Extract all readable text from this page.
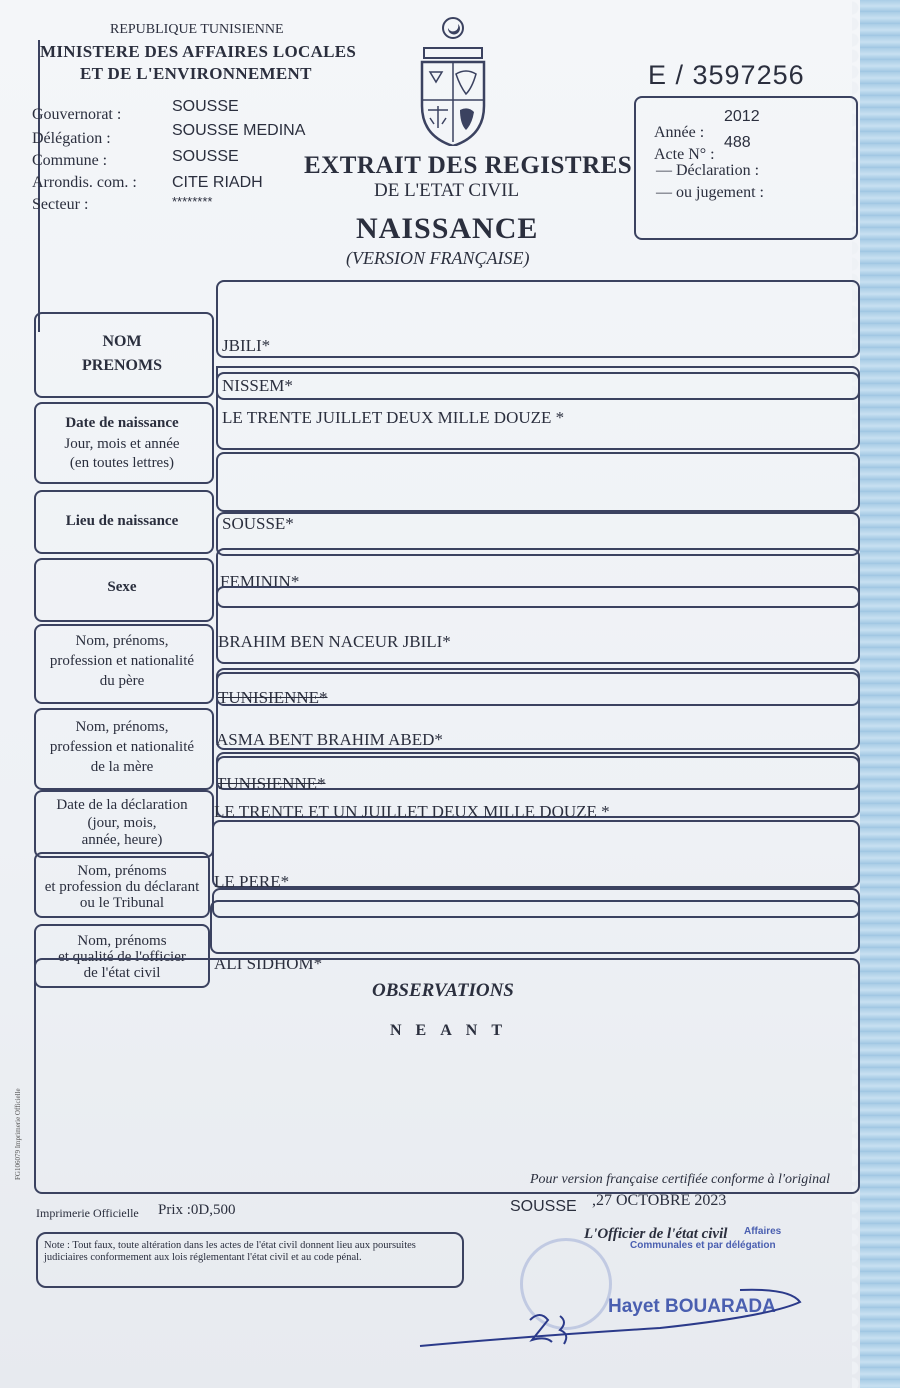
REPUBLIQUE TUNISIENNE
MINISTERE DES AFFAIRES LOCALES
ET DE L'ENVIRONNEMENT	E / 3597256
Gouvernorat :	SOUSSE
Délégation :	SOUSSE MEDINA
Commune :	SOUSSE
Arrondis. com. : CITE RIADH
Secteur :	********
EXTRAIT DES REGISTRES
DE L'ETAT CIVIL
NAISSANCE
(VERSION FRANÇAISE)
Année :
2012
Acte N° :
488
— Déclaration :
— ou jugement :
NOM
PRENOMS
JBILI*
NISSEM*
Date de naissance
Jour, mois et année
(en toutes lettres)
LE TRENTE JUILLET DEUX MILLE DOUZE *
Lieu de naissance	SOUSSE*
Sexe	FEMININ*
Nom, prénoms,
profession et nationalité
du père
BRAHIM BEN NACEUR JBILI*
TUNISIENNE*
Nom, prénoms,
profession et nationalité
de la mère
ASMA BENT BRAHIM ABED*
TUNISIENNE*
Date de la déclaration
(jour, mois,
année, heure)
LE TRENTE ET UN JUILLET DEUX MILLE DOUZE *
Nom, prénoms
et profession du déclarant
ou le Tribunal
LE PERE*
Nom, prénoms
et qualité de l'officier
de l'état civil	ALI SIDHOM*
OBSERVATIONS
NEANT
FG106079 Imprimerie Officielle
Imprimerie Officielle Prix :0D,500
Pour version française certifiée conforme à l'original
SOUSSE ,27 OCTOBRE 2023
Note : Tout faux, toute altération dans les actes de l'état civil donnent lieu aux poursuites judiciaires conformement aux lois réglementant l'état civil et au code pénal.
L'Officier de l'état civil Affaires
Communales et par délégation
Hayet BOUARADA
